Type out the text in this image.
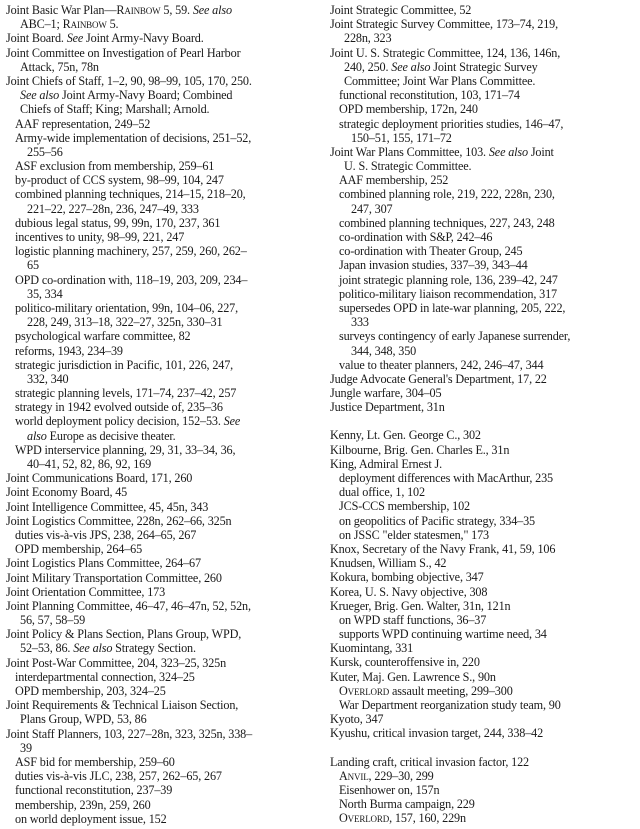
Joint Basic War Plan—Rainbow 5, 59. See also
ABC–1; Rainbow 5.
Joint Board. See Joint Army-Navy Board.
Joint Committee on Investigation of Pearl Harbor
Attack, 75n, 78n
Joint Chiefs of Staff, 1–2, 90, 98–99, 105, 170, 250.
See also Joint Army-Navy Board; Combined
Chiefs of Staff; King; Marshall; Arnold.
AAF representation, 249–52
Army-wide implementation of decisions, 251–52,
255–56
ASF exclusion from membership, 259–61
by-product of CCS system, 98–99, 104, 247
combined planning techniques, 214–15, 218–20,
221–22, 227–28n, 236, 247–49, 333
dubious legal status, 99, 99n, 170, 237, 361
incentives to unity, 98–99, 221, 247
logistic planning machinery, 257, 259, 260, 262–
65
OPD co-ordination with, 118–19, 203, 209, 234–
35, 334
politico-military orientation, 99n, 104–06, 227,
228, 249, 313–18, 322–27, 325n, 330–31
psychological warfare committee, 82
reforms, 1943, 234–39
strategic jurisdiction in Pacific, 101, 226, 247,
332, 340
strategic planning levels, 171–74, 237–42, 257
strategy in 1942 evolved outside of, 235–36
world deployment policy decision, 152–53. See
also Europe as decisive theater.
WPD interservice planning, 29, 31, 33–34, 36,
40–41, 52, 82, 86, 92, 169
Joint Communications Board, 171, 260
Joint Economy Board, 45
Joint Intelligence Committee, 45, 45n, 343
Joint Logistics Committee, 228n, 262–66, 325n
duties vis-à-vis JPS, 238, 264–65, 267
OPD membership, 264–65
Joint Logistics Plans Committee, 264–67
Joint Military Transportation Committee, 260
Joint Orientation Committee, 173
Joint Planning Committee, 46–47, 46–47n, 52, 52n,
56, 57, 58–59
Joint Policy & Plans Section, Plans Group, WPD,
52–53, 86. See also Strategy Section.
Joint Post-War Committee, 204, 323–25, 325n
interdepartmental connection, 324–25
OPD membership, 203, 324–25
Joint Requirements & Technical Liaison Section,
Plans Group, WPD, 53, 86
Joint Staff Planners, 103, 227–28n, 323, 325n, 338–
39
ASF bid for membership, 259–60
duties vis-à-vis JLC, 238, 257, 262–65, 267
functional reconstitution, 237–39
membership, 239n, 259, 260
on world deployment issue, 152
Joint Strategic Committee, 52
Joint Strategic Survey Committee, 173–74, 219,
228n, 323
Joint U. S. Strategic Committee, 124, 136, 146n,
240, 250. See also Joint Strategic Survey
Committee; Joint War Plans Committee.
functional reconstitution, 103, 171–74
OPD membership, 172n, 240
strategic deployment priorities studies, 146–47,
150–51, 155, 171–72
Joint War Plans Committee, 103. See also Joint
U. S. Strategic Committee.
AAF membership, 252
combined planning role, 219, 222, 228n, 230,
247, 307
combined planning techniques, 227, 243, 248
co-ordination with S&P, 242–46
co-ordination with Theater Group, 245
Japan invasion studies, 337–39, 343–44
joint strategic planning role, 136, 239–42, 247
politico-military liaison recommendation, 317
supersedes OPD in late-war planning, 205, 222,
333
surveys contingency of early Japanese surrender,
344, 348, 350
value to theater planners, 242, 246–47, 344
Judge Advocate General's Department, 17, 22
Jungle warfare, 304–05
Justice Department, 31n
Kenny, Lt. Gen. George C., 302
Kilbourne, Brig. Gen. Charles E., 31n
King, Admiral Ernest J.
deployment differences with MacArthur, 235
dual office, 1, 102
JCS-CCS membership, 102
on geopolitics of Pacific strategy, 334–35
on JSSC "elder statesmen," 173
Knox, Secretary of the Navy Frank, 41, 59, 106
Knudsen, William S., 42
Kokura, bombing objective, 347
Korea, U. S. Navy objective, 308
Krueger, Brig. Gen. Walter, 31n, 121n
on WPD staff functions, 36–37
supports WPD continuing wartime need, 34
Kuomintang, 331
Kursk, counteroffensive in, 220
Kuter, Maj. Gen. Lawrence S., 90n
Overlord assault meeting, 299–300
War Department reorganization study team, 90
Kyoto, 347
Kyushu, critical invasion target, 244, 338–42
Landing craft, critical invasion factor, 122
Anvil, 229–30, 299
Eisenhower on, 157n
North Burma campaign, 229
Overlord, 157, 160, 229n
